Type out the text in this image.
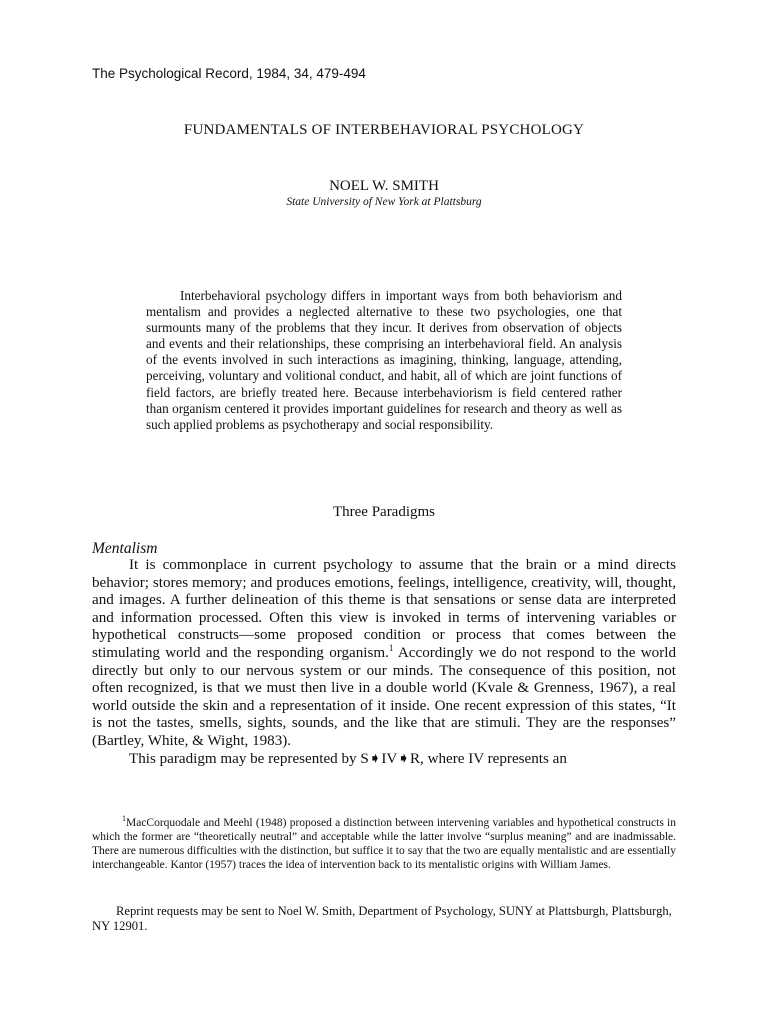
The Psychological Record, 1984, 34, 479-494
FUNDAMENTALS OF INTERBEHAVIORAL PSYCHOLOGY
NOEL W. SMITH
State University of New York at Plattsburg
Interbehavioral psychology differs in important ways from both behaviorism and mentalism and provides a neglected alternative to these two psychologies, one that surmounts many of the problems that they incur. It derives from observation of objects and events and their relationships, these comprising an interbehavioral field. An analysis of the events involved in such interactions as imagining, thinking, language, attending, perceiving, voluntary and volitional conduct, and habit, all of which are joint functions of field factors, are briefly treated here. Because interbehaviorism is field centered rather than organism centered it provides important guidelines for research and theory as well as such applied problems as psychotherapy and social responsibility.
Three Paradigms
Mentalism

It is commonplace in current psychology to assume that the brain or a mind directs behavior; stores memory; and produces emotions, feelings, intelligence, creativity, will, thought, and images. A further delineation of this theme is that sensations or sense data are interpreted and information processed. Often this view is invoked in terms of intervening variables or hypothetical constructs—some proposed condition or process that comes between the stimulating world and the responding organism.$^1$ Accordingly we do not respond to the world directly but only to our nervous system or our minds. The consequence of this position, not often recognized, is that we must then live in a double world (Kvale & Grenness, 1967), a real world outside the skin and a representation of it inside. One recent expression of this states, “It is not the tastes, smells, sights, sounds, and the like that are stimuli. They are the responses” (Bartley, White, & Wight, 1983).

This paradigm may be represented by S➧IV➧R, where IV represents an

$^1$MacCorquodale and Meehl (1948) proposed a distinction between intervening variables and hypothetical constructs in which the former are “theoretically neutral” and acceptable while the latter involve “surplus meaning” and are inadmissable. There are numerous difficulties with the distinction, but suffice it to say that the two are equally mentalistic and are essentially interchangeable. Kantor (1957) traces the idea of intervention back to its mentalistic origins with William James.
Reprint requests may be sent to Noel W. Smith, Department of Psychology, SUNY at Plattsburgh, Plattsburgh, NY 12901.
